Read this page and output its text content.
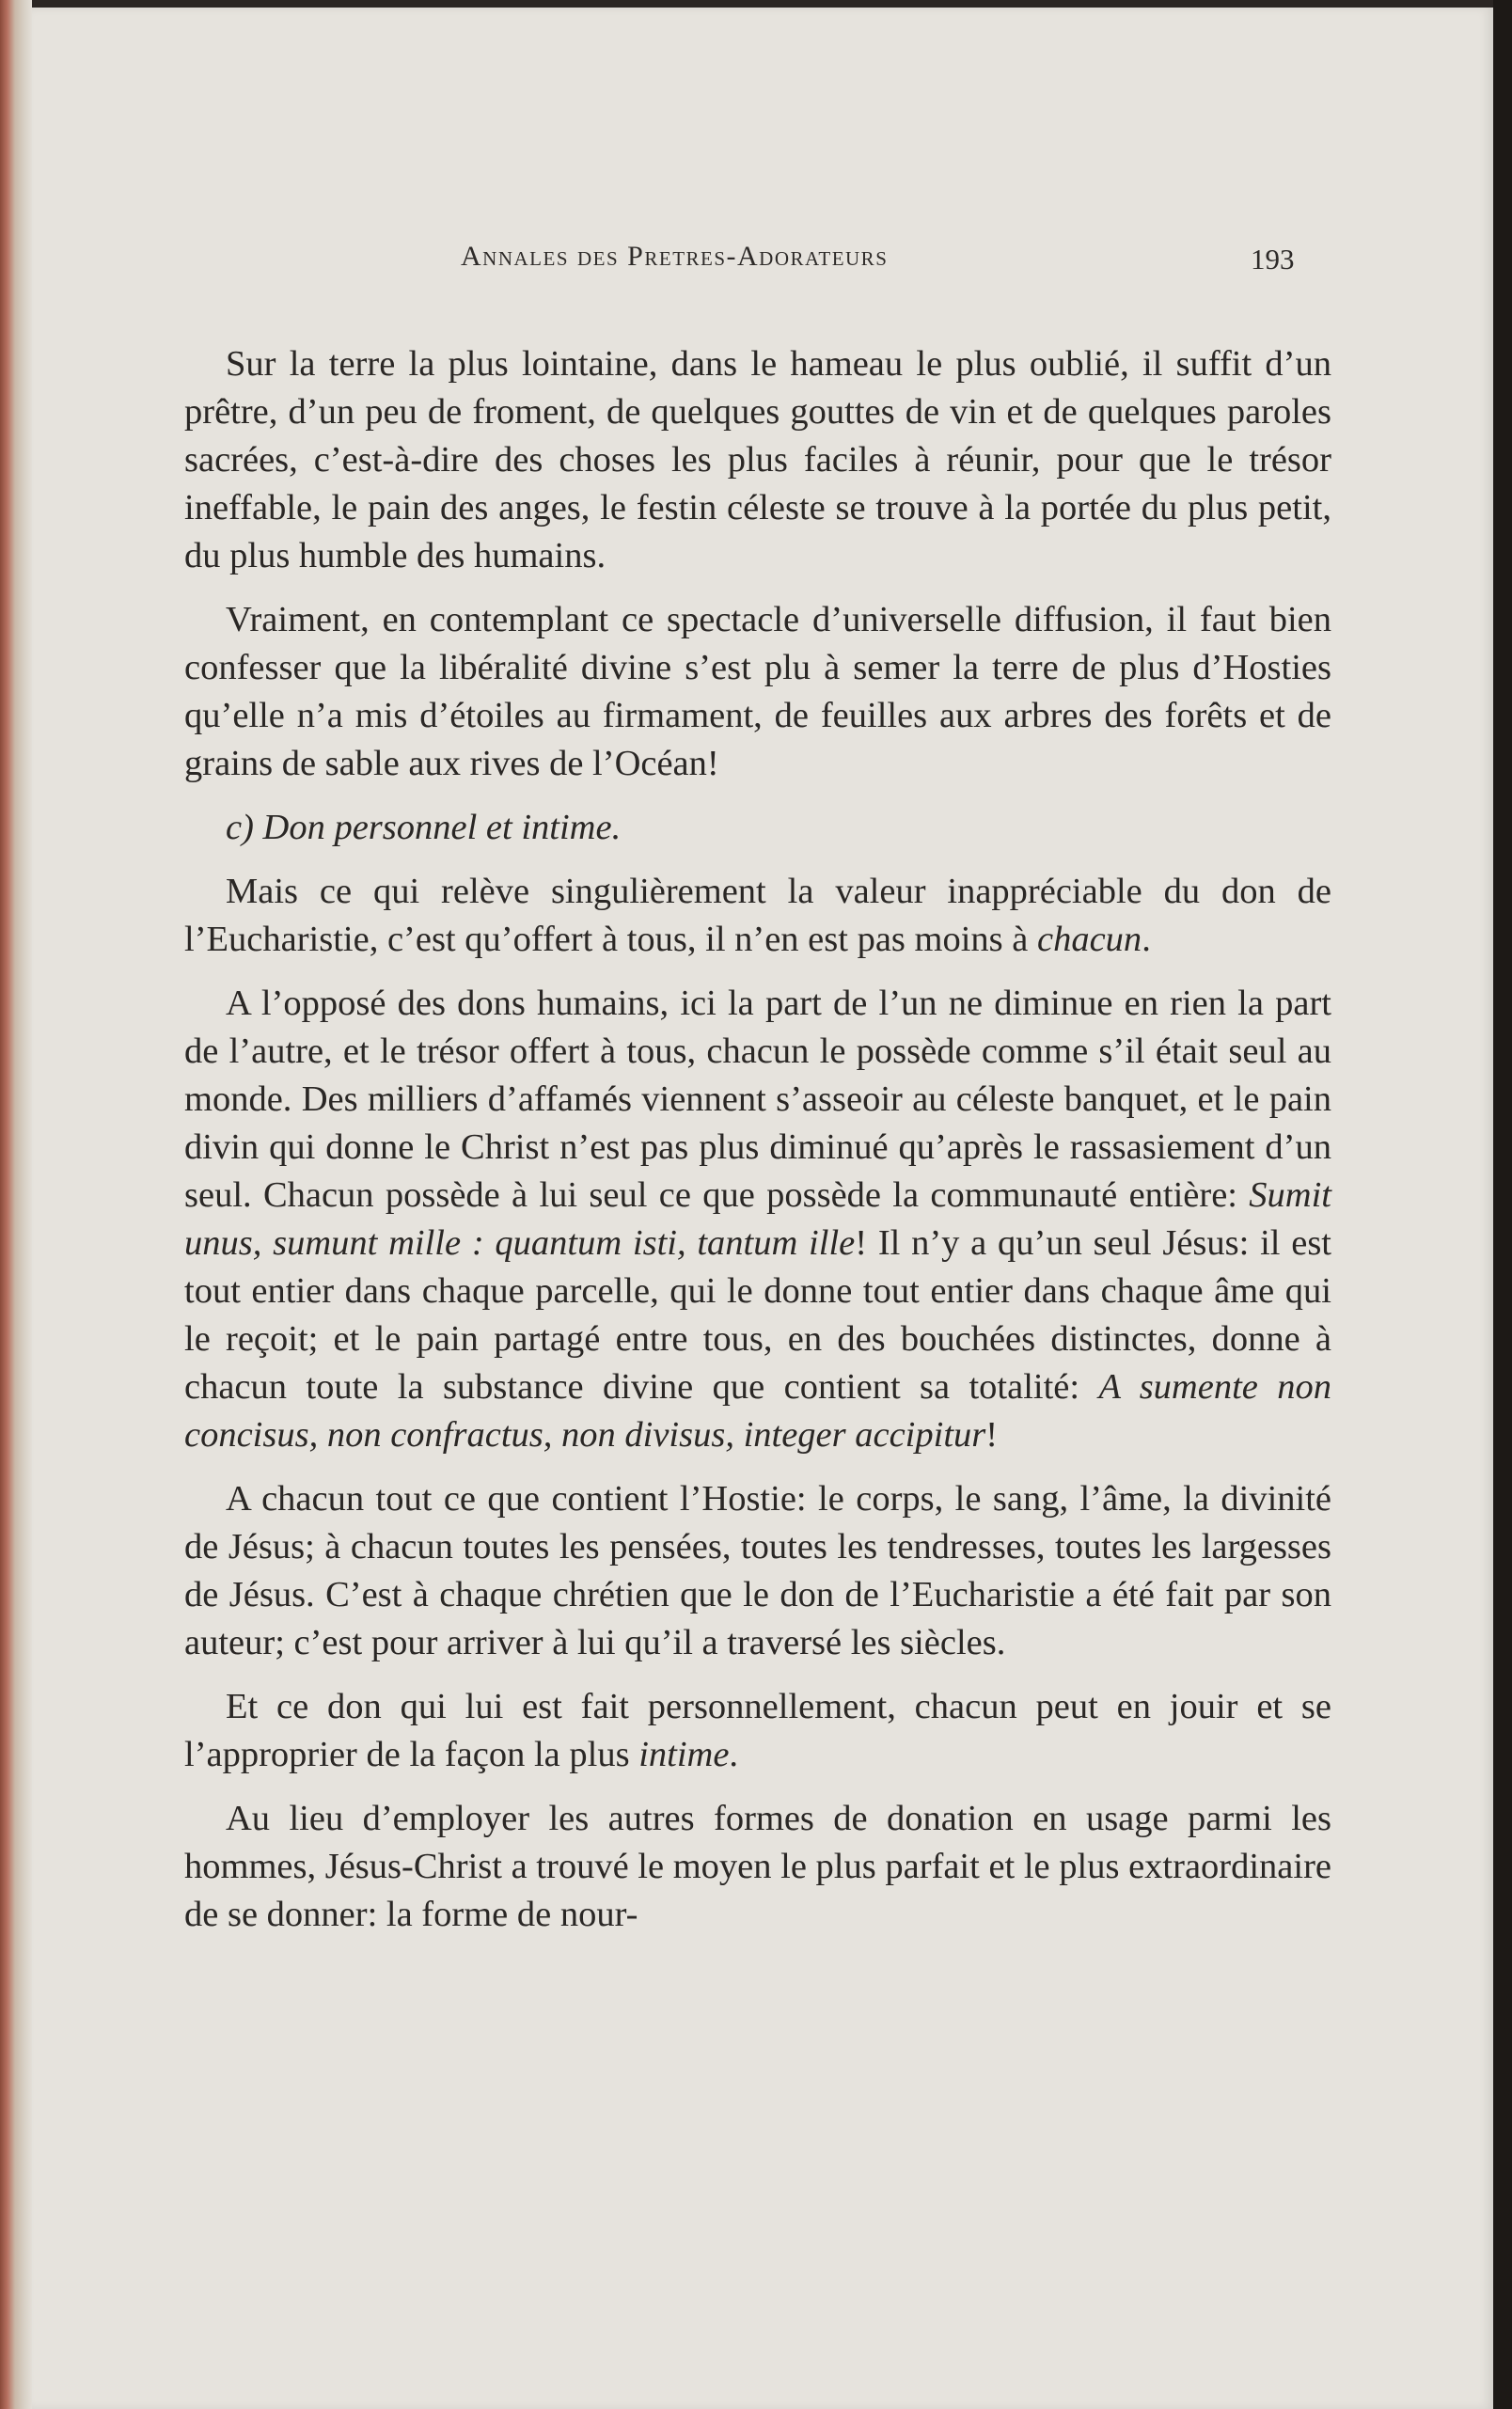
Annales des Pretres-Adorateurs	193

Sur la terre la plus lointaine, dans le hameau le plus oublié, il suffit d’un prêtre, d’un peu de froment, de quelques gouttes de vin et de quelques paroles sacrées, c’est-à-dire des choses les plus faciles à réunir, pour que le trésor ineffable, le pain des anges, le festin céleste se trouve à la portée du plus petit, du plus humble des humains.

Vraiment, en contemplant ce spectacle d’universelle diffusion, il faut bien confesser que la libéralité divine s’est plu à semer la terre de plus d’Hosties qu’elle n’a mis d’étoiles au firmament, de feuilles aux arbres des forêts et de grains de sable aux rives de l’Océan!

c) Don personnel et intime.

Mais ce qui relève singulièrement la valeur inappréciable du don de l’Eucharistie, c’est qu’offert à tous, il n’en est pas moins à chacun.

A l’opposé des dons humains, ici la part de l’un ne diminue en rien la part de l’autre, et le trésor offert à tous, chacun le possède comme s’il était seul au monde. Des milliers d’affamés viennent s’asseoir au céleste banquet, et le pain divin qui donne le Christ n’est pas plus diminué qu’après le rassasiement d’un seul. Chacun possède à lui seul ce que possède la communauté entière: Sumit unus, sumunt mille : quantum isti, tantum ille! Il n’y a qu’un seul Jésus: il est tout entier dans chaque parcelle, qui le donne tout entier dans chaque âme qui le reçoit; et le pain partagé entre tous, en des bouchées distinctes, donne à chacun toute la substance divine que contient sa totalité: A sumente non concisus, non confractus, non divisus, integer accipitur!

A chacun tout ce que contient l’Hostie: le corps, le sang, l’âme, la divinité de Jésus; à chacun toutes les pensées, toutes les tendresses, toutes les largesses de Jésus. C’est à chaque chrétien que le don de l’Eucharistie a été fait par son auteur; c’est pour arriver à lui qu’il a traversé les siècles.

Et ce don qui lui est fait personnellement, chacun peut en jouir et se l’approprier de la façon la plus intime.

Au lieu d’employer les autres formes de donation en usage parmi les hommes, Jésus-Christ a trouvé le moyen le plus parfait et le plus extraordinaire de se donner: la forme de nour-
